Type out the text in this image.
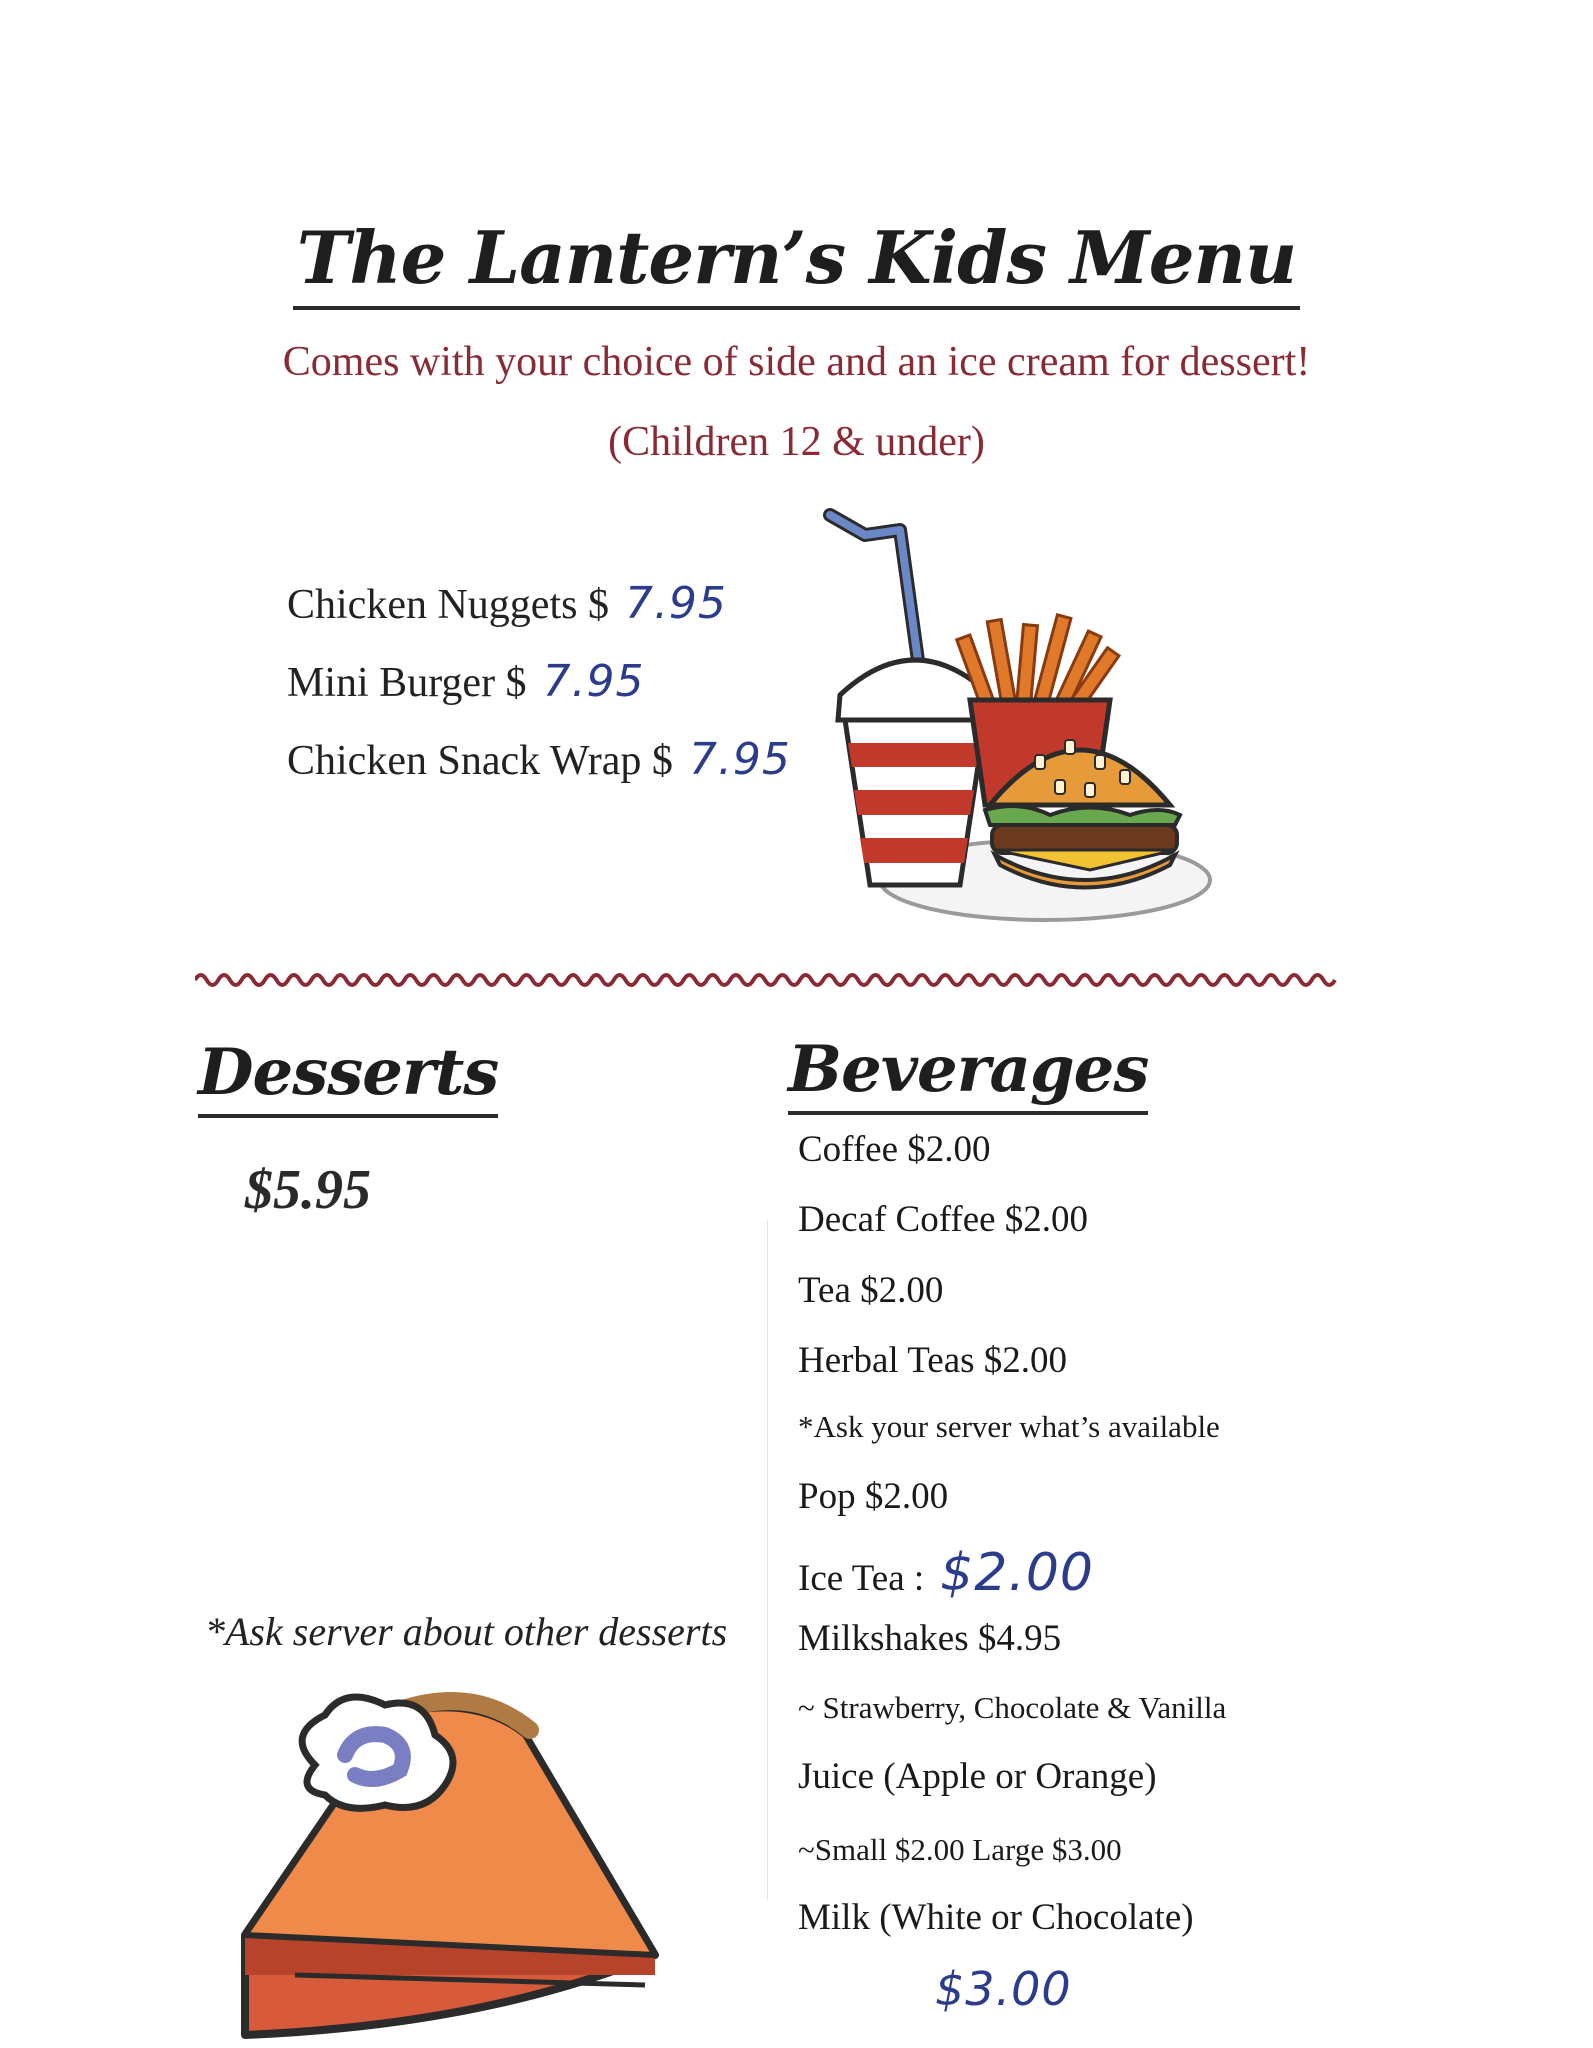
The Lantern’s Kids Menu
Comes with your choice of side and an ice cream for dessert!
(Children 12 & under)
Chicken Nuggets $ 7.95
Mini Burger $ 7.95
Chicken Snack Wrap $ 7.95
Desserts
$5.95
*Ask server about other desserts
Beverages
Coffee $2.00
Decaf Coffee $2.00
Tea $2.00
Herbal Teas $2.00
*Ask your server what’s available
Pop $2.00
Ice Tea : $2.00
Milkshakes $4.95
~ Strawberry, Chocolate & Vanilla
Juice (Apple or Orange)
~Small $2.00 Large $3.00
Milk (White or Chocolate)
$3.00
